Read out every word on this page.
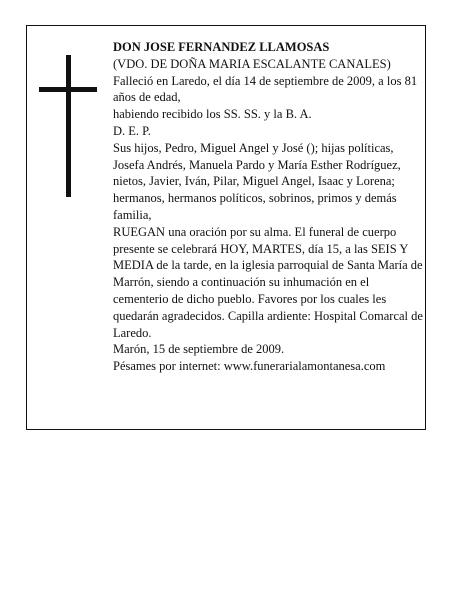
DON JOSE FERNANDEZ LLAMOSAS

(VDO. DE DOÑA MARIA ESCALANTE CANALES)

Falleció en Laredo, el día 14 de septiembre de 2009, a los 81 años de edad,

habiendo recibido los SS. SS. y la B. A.

D. E. P.

Sus hijos, Pedro, Miguel Angel y José (); hijas políticas, Josefa Andrés, Manuela Pardo y María Esther Rodríguez, nietos, Javier, Iván, Pilar, Miguel Angel, Isaac y Lorena; hermanos, hermanos políticos, sobrinos, primos y demás familia,

RUEGAN una oración por su alma. El funeral de cuerpo presente se celebrará HOY, MARTES, día 15, a las SEIS Y MEDIA de la tarde, en la iglesia parroquial de Santa María de Marrón, siendo a continuación su inhumación en el cementerio de dicho pueblo. Favores por los cuales les quedarán agradecidos. Capilla ardiente: Hospital Comarcal de Laredo.

Marón, 15 de septiembre de 2009.

Pésames por internet: www.funerarialamontanesa.com
